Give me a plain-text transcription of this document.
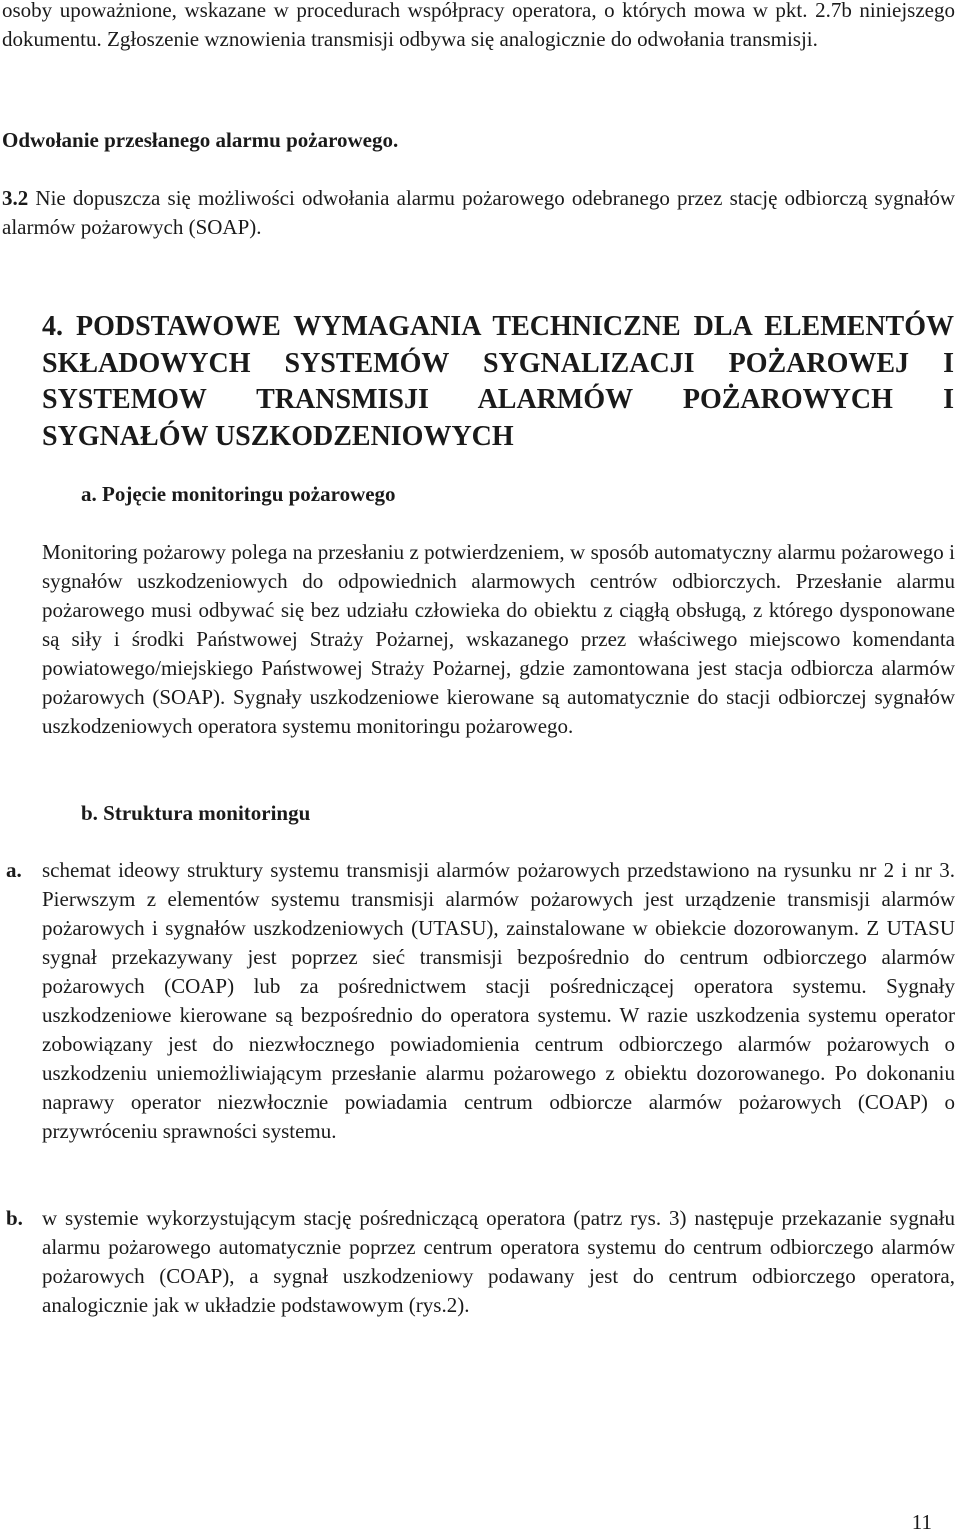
osoby upoważnione, wskazane w procedurach współpracy operatora, o których mowa w pkt. 2.7b niniejszego dokumentu. Zgłoszenie wznowienia transmisji odbywa się analogicznie do odwołania transmisji.

Odwołanie przesłanego alarmu pożarowego.

3.2 Nie dopuszcza się możliwości odwołania alarmu pożarowego odebranego przez stację odbiorczą sygnałów alarmów pożarowych (SOAP).
4. PODSTAWOWE WYMAGANIA TECHNICZNE DLA ELEMENTÓW
SKŁADOWYCH SYSTEMÓW SYGNALIZACJI POŻAROWEJ I
SYSTEMOW TRANSMISJI ALARMÓW POŻAROWYCH I
SYGNAŁÓW USZKODZENIOWYCH

a. Pojęcie monitoringu pożarowego

Monitoring pożarowy polega na przesłaniu z potwierdzeniem, w sposób automatyczny alarmu pożarowego i sygnałów uszkodzeniowych do odpowiednich alarmowych centrów odbiorczych. Przesłanie alarmu pożarowego musi odbywać się bez udziału człowieka do obiektu z ciągłą obsługą, z którego dysponowane są siły i środki Państwowej Straży Pożarnej, wskazanego przez właściwego miejscowo komendanta powiatowego/miejskiego Państwowej Straży Pożarnej, gdzie zamontowana jest stacja odbiorcza alarmów pożarowych (SOAP). Sygnały uszkodzeniowe kierowane są automatycznie do stacji odbiorczej sygnałów uszkodzeniowych operatora systemu monitoringu pożarowego.

b. Struktura monitoringu

a. schemat ideowy struktury systemu transmisji alarmów pożarowych przedstawiono na rysunku nr 2 i nr 3. Pierwszym z elementów systemu transmisji alarmów pożarowych jest urządzenie transmisji alarmów pożarowych i sygnałów uszkodzeniowych (UTASU), zainstalowane w obiekcie dozorowanym. Z UTASU sygnał przekazywany jest poprzez sieć transmisji bezpośrednio do centrum odbiorczego alarmów pożarowych (COAP) lub za pośrednictwem stacji pośredniczącej operatora systemu. Sygnały uszkodzeniowe kierowane są bezpośrednio do operatora systemu. W razie uszkodzenia systemu operator zobowiązany jest do niezwłocznego powiadomienia centrum odbiorczego alarmów pożarowych o uszkodzeniu uniemożliwiającym przesłanie alarmu pożarowego z obiektu dozorowanego. Po dokonaniu naprawy operator niezwłocznie powiadamia centrum odbiorcze alarmów pożarowych (COAP) o przywróceniu sprawności systemu.

b. w systemie wykorzystującym stację pośredniczącą operatora (patrz rys. 3) następuje przekazanie sygnału alarmu pożarowego automatycznie poprzez centrum operatora systemu do centrum odbiorczego alarmów pożarowych (COAP), a sygnał uszkodzeniowy podawany jest do centrum odbiorczego operatora, analogicznie jak w układzie podstawowym (rys.2).

11
